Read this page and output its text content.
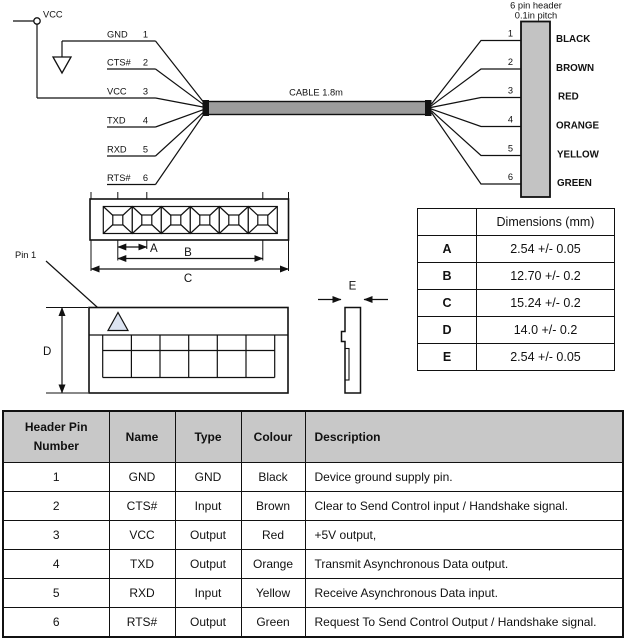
VCC
GND
CTS#
VCC
TXD
RXD
RTS#
1
2
3
4
5
6
CABLE 1.8m
6 pin header
0.1in pitch
1
2
3
4
5
6
BLACK
BROWN
RED
ORANGE
YELLOW
GREEN
A B
C
Pin 1
D
E
	Dimensions (mm)
A	2.54 +/- 0.05
B	12.70 +/- 0.2
C	15.24 +/- 0.2
D	14.0 +/- 0.2
E	2.54 +/- 0.05
Header Pin Number	Name	Type	Colour	Description
1	GND	GND	Black	Device ground supply pin.
2	CTS#	Input	Brown	Clear to Send Control input / Handshake signal.
3	VCC	Output	Red	+5V output,
4	TXD	Output	Orange	Transmit Asynchronous Data output.
5	RXD	Input	Yellow	Receive Asynchronous Data input.
6	RTS#	Output	Green	Request To Send Control Output / Handshake signal.
